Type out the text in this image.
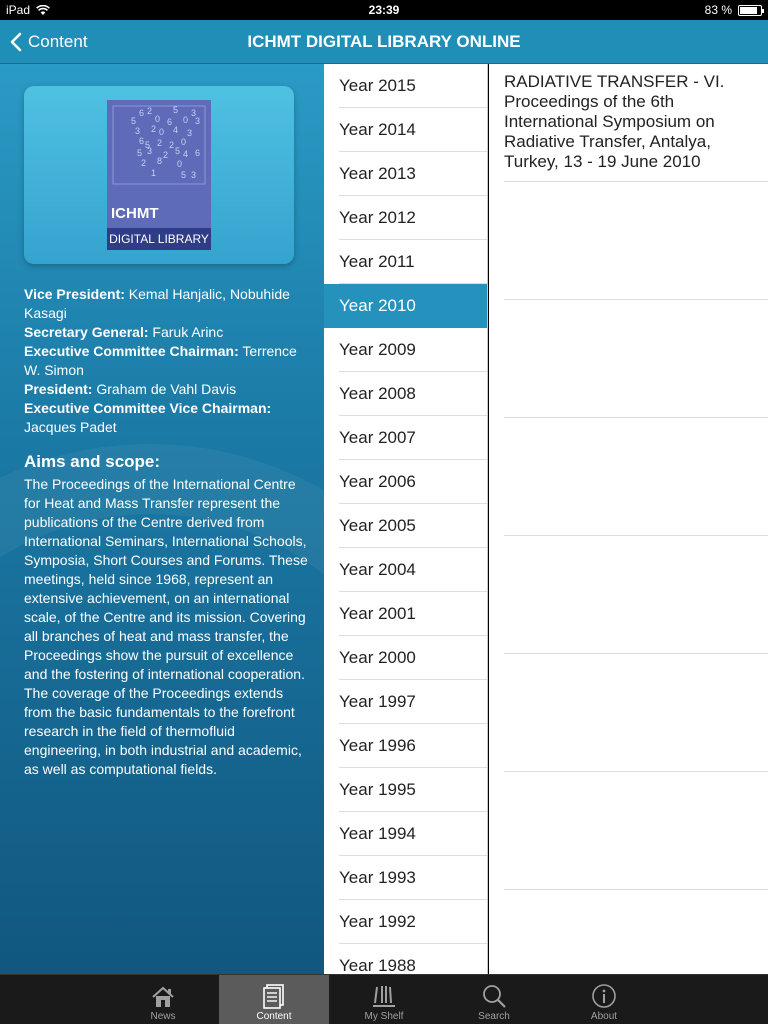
iPad	23:39	83 %
Content	ICHMT DIGITAL LIBRARY ONLINE
6 2 5 3
5 0 6 0 3
3 2 0 4 3
6 5 2 2 0
5 3 2 5 4 6
2 8 0
1	5 3
ICHMT
DIGITAL LIBRARY
Vice President: Kemal Hanjalic, Nobuhide Kasagi
Secretary General: Faruk Arinc
Executive Committee Chairman: Terrence W. Simon
President: Graham de Vahl Davis
Executive Committee Vice Chairman: Jacques Padet
Aims and scope:
The Proceedings of the International Centre for Heat and Mass Transfer represent the publications of the Centre derived from International Seminars, International Schools, Symposia, Short Courses and Forums. These meetings, held since 1968, represent an extensive achievement, on an international scale, of the Centre and its mission. Covering all branches of heat and mass transfer, the Proceedings show the pursuit of excellence and the fostering of international cooperation. The coverage of the Proceedings extends from the basic fundamentals to the forefront research in the field of thermofluid engineering, in both industrial and academic, as well as computational fields.
Year 2015
Year 2014
Year 2013
Year 2012
Year 2011
Year 2010
Year 2009
Year 2008
Year 2007
Year 2006
Year 2005
Year 2004
Year 2001
Year 2000
Year 1997
Year 1996
Year 1995
Year 1994
Year 1993
Year 1992
Year 1988
RADIATIVE TRANSFER - VI. Proceedings of the 6th International Symposium on Radiative Transfer, Antalya, Turkey, 13 - 19 June 2010
News	Content	My Shelf	Search	About
